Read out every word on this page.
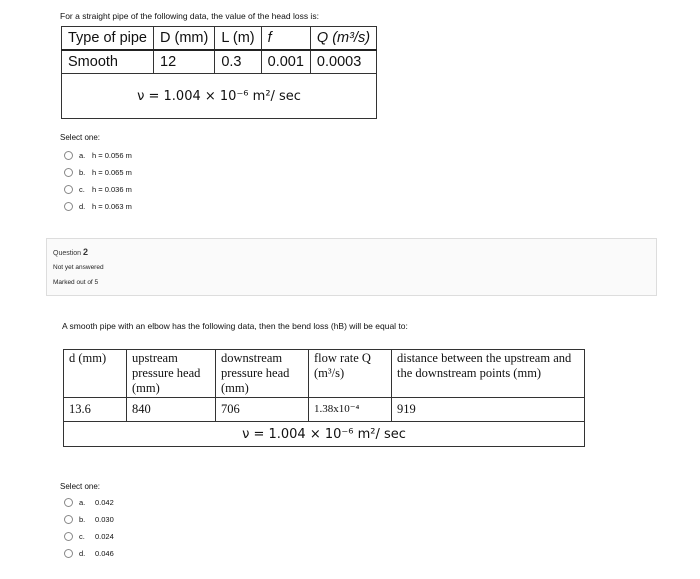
For a straight pipe of the following data, the value of the head loss is:
Type of pipe	D (mm)	L (m)	f	Q (m³/s)
Smooth	12	0.3	0.001	0.0003
ν = 1.004 × 10⁻⁶ m²/ sec				
Select one:
a. h = 0.056 m
b. h = 0.065 m
c. h = 0.036 m
d. h = 0.063 m
Question 2
Not yet answered
Marked out of 5
A smooth pipe with an elbow has the following data, then the bend loss (hB) will be equal to:
d (mm)	upstream pressure head (mm)	downstream pressure head (mm)	flow rate Q (m³/s)	distance between the upstream and the downstream points (mm)
13.6	840	706	1.38x10⁻⁴	919
ν = 1.004 × 10⁻⁶ m²/ sec				
Select one:
a.	0.042
b.	0.030
c.	0.024
d.	0.046
